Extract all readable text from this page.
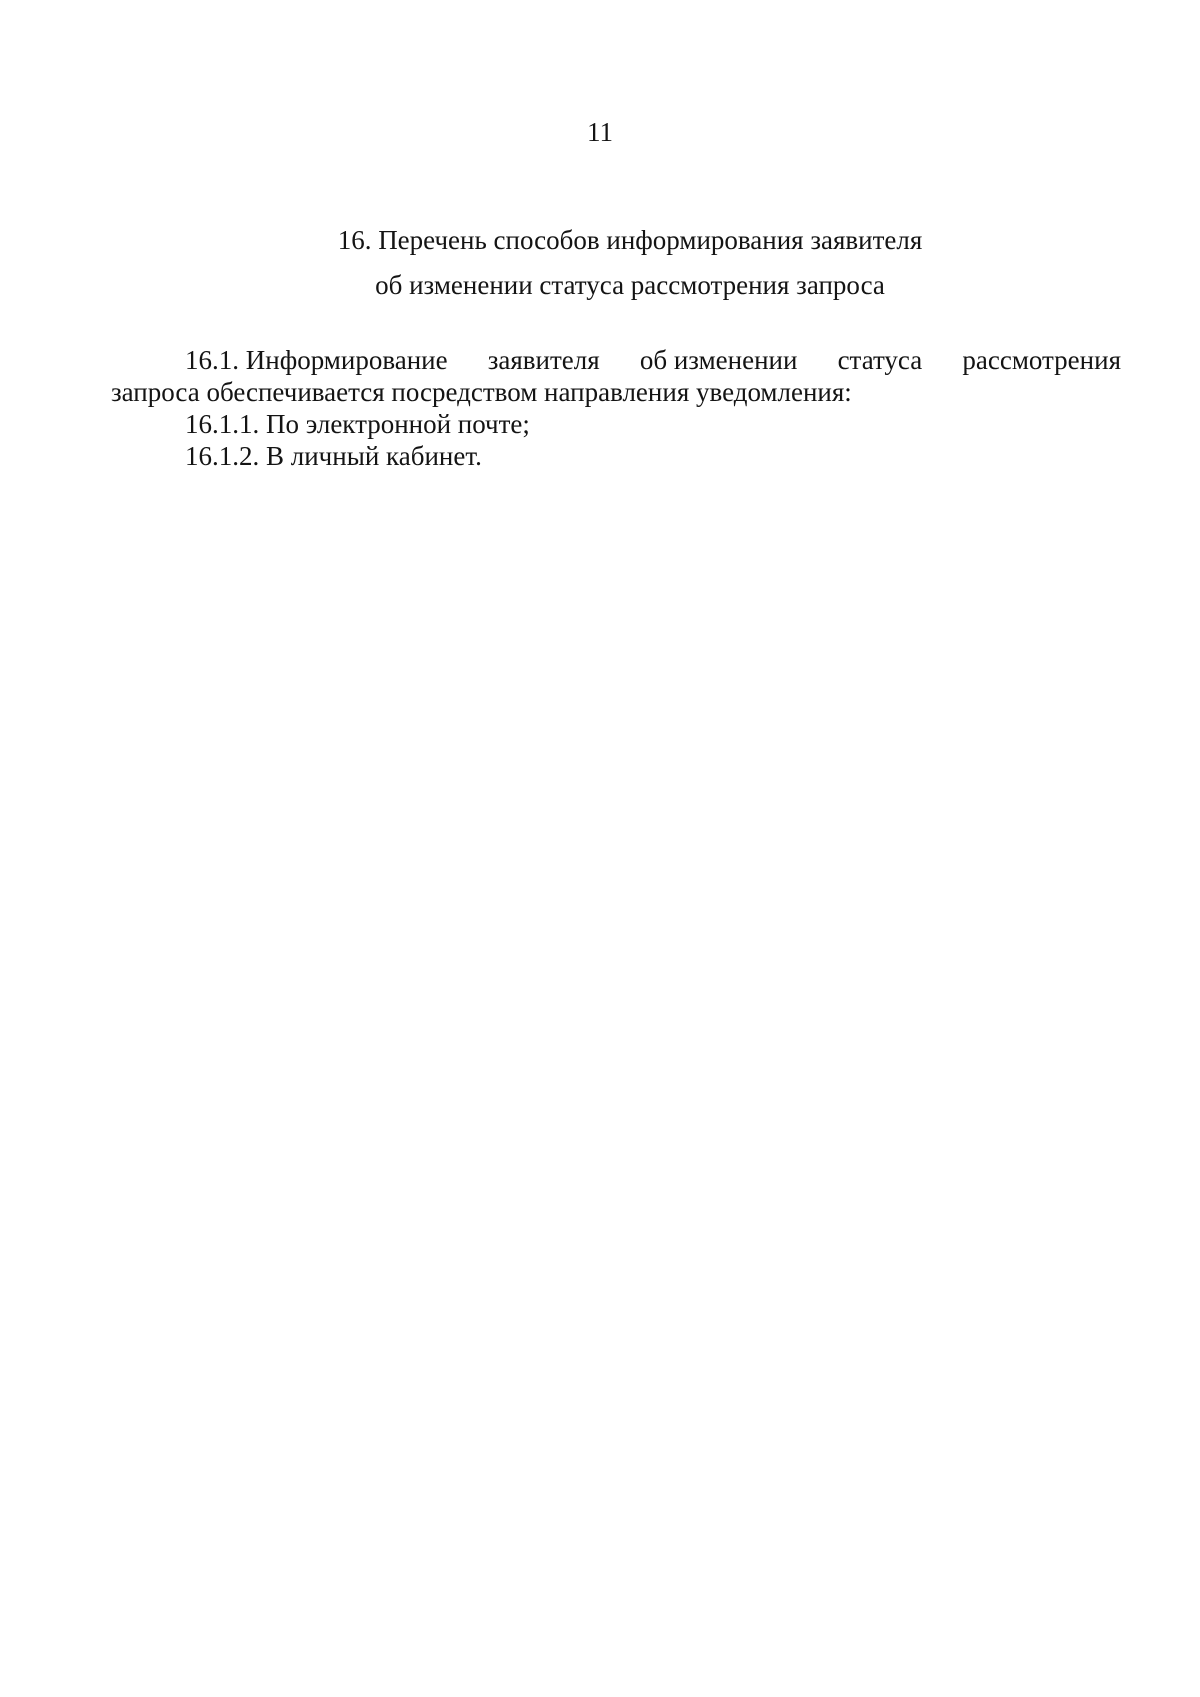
11
16. Перечень способов информирования заявителя
об изменении статуса рассмотрения запроса
16.1. Информирование заявителя об изменении статуса рассмотрения
запроса обеспечивается посредством направления уведомления:
16.1.1. По электронной почте;
16.1.2. В личный кабинет.
